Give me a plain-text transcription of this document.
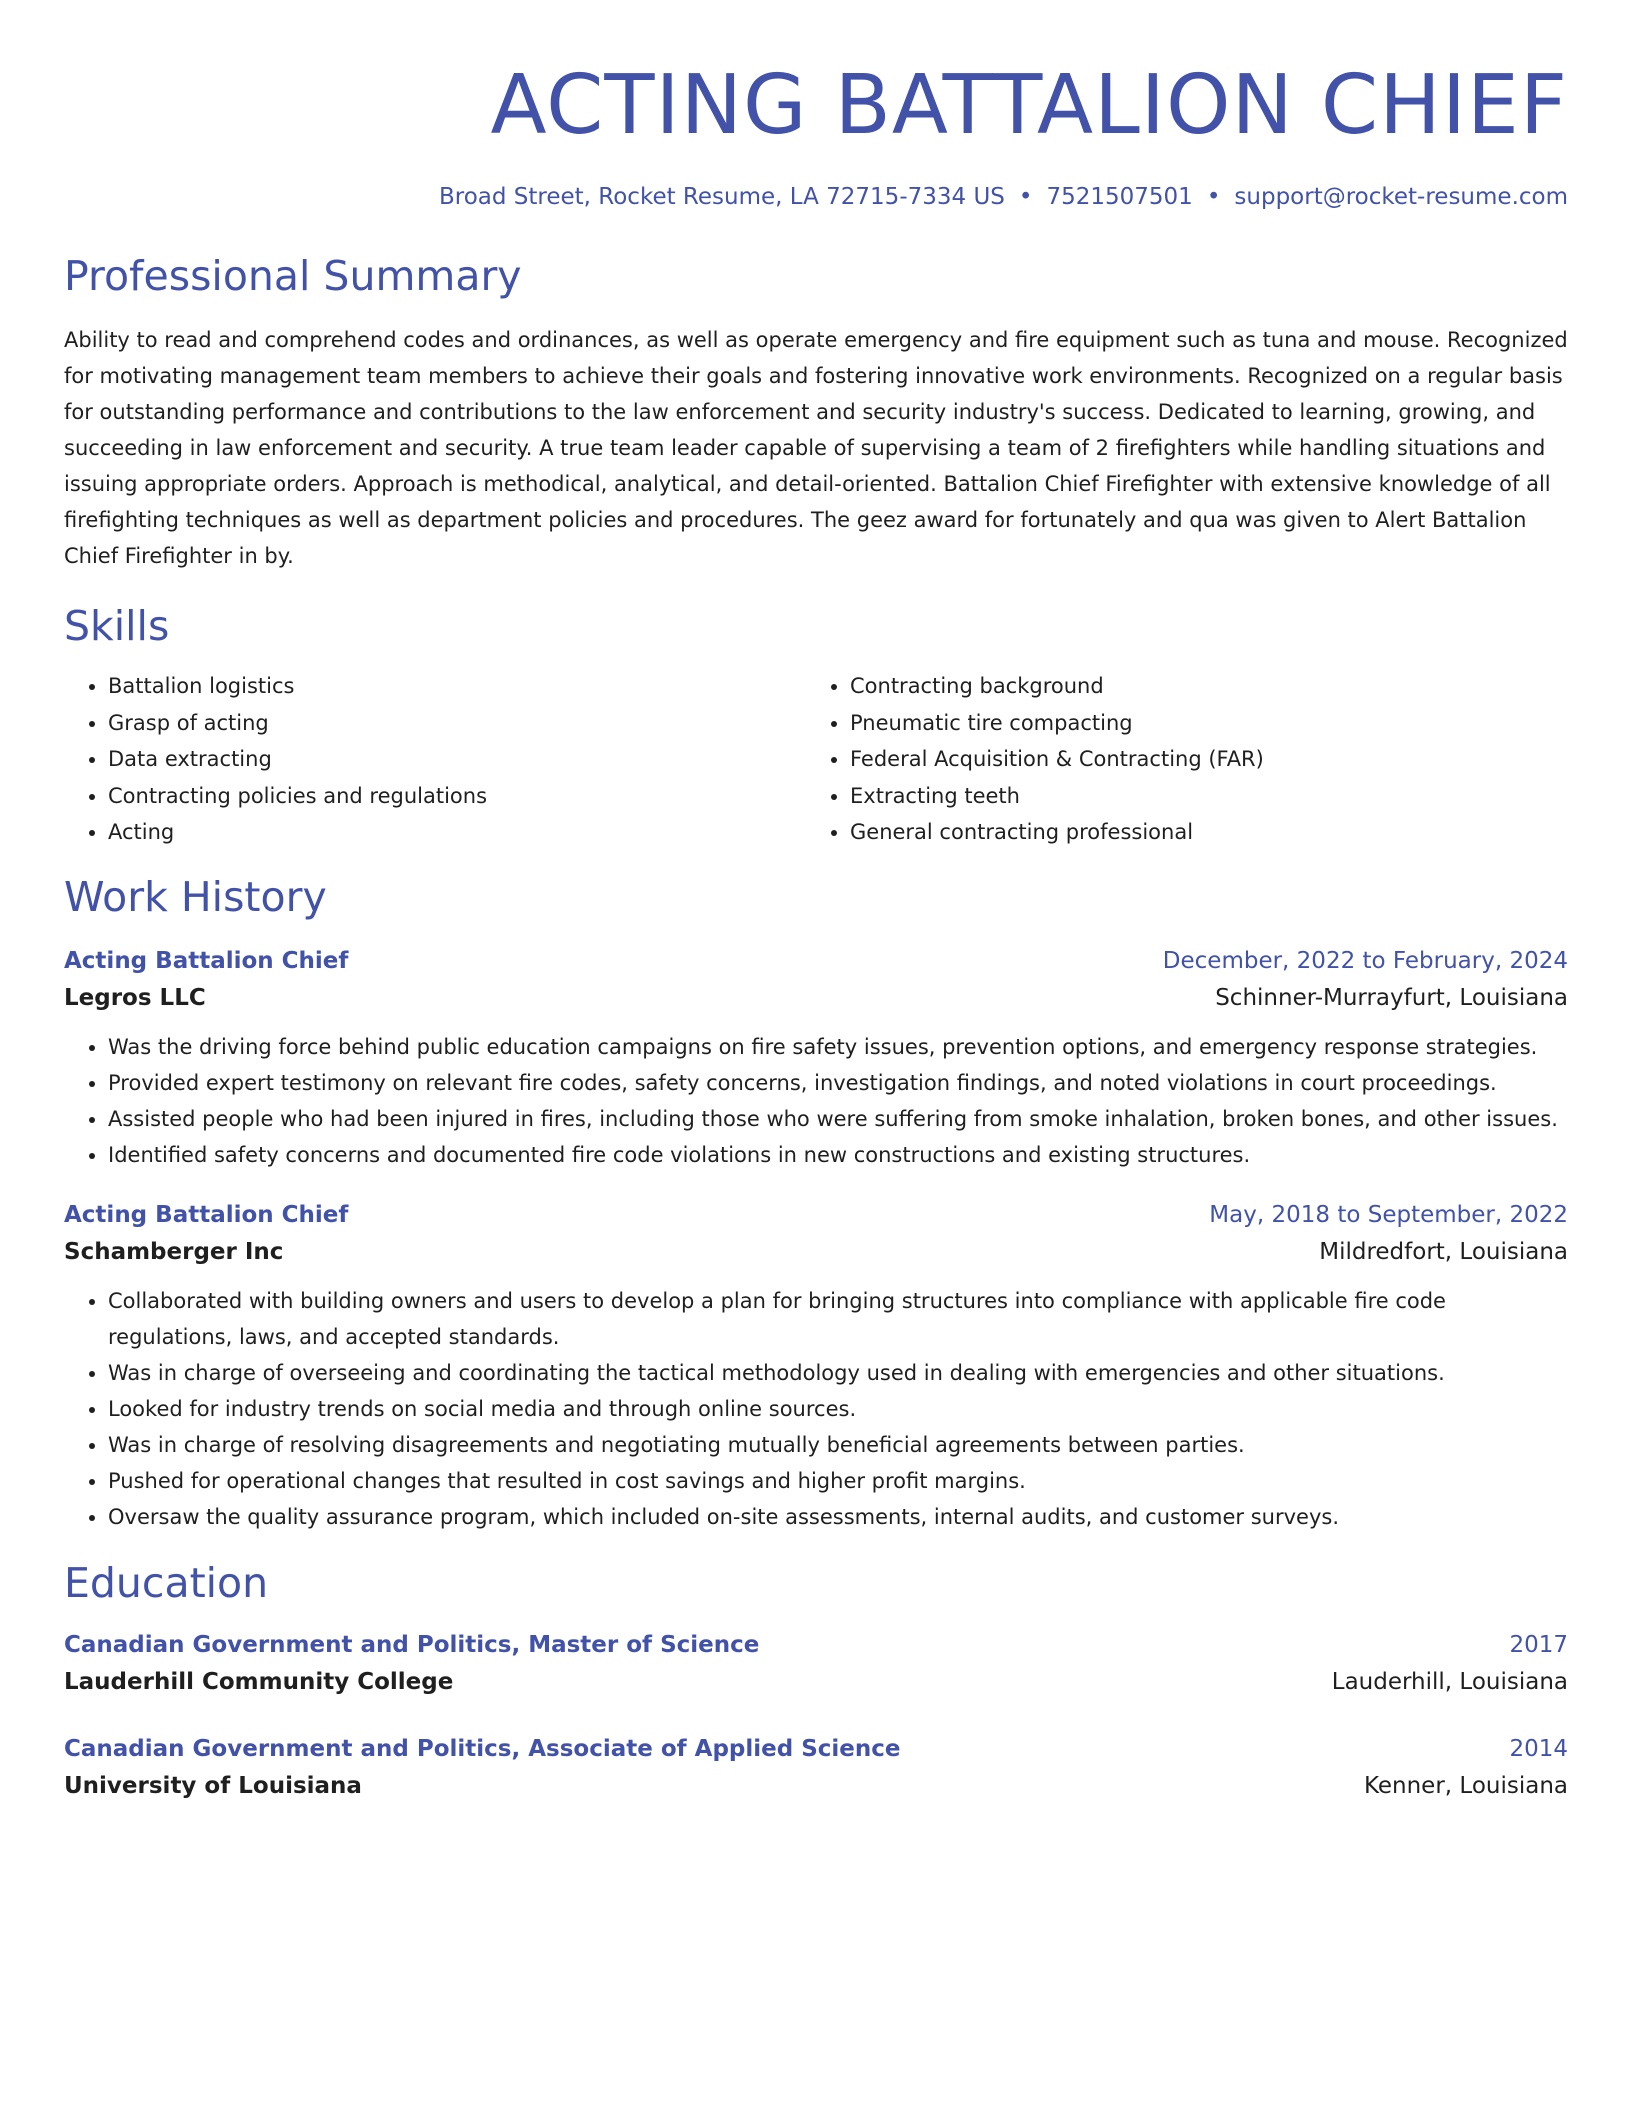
ACTING BATTALION CHIEF
Broad Street, Rocket Resume, LA 72715-7334 US • 7521507501 • support@rocket-resume.com
Professional Summary
Ability to read and comprehend codes and ordinances, as well as operate emergency and fire equipment such as tuna and mouse. Recognized for motivating management team members to achieve their goals and fostering innovative work environments. Recognized on a regular basis for outstanding performance and contributions to the law enforcement and security industry's success. Dedicated to learning, growing, and succeeding in law enforcement and security. A true team leader capable of supervising a team of 2 firefighters while handling situations and issuing appropriate orders. Approach is methodical, analytical, and detail-oriented. Battalion Chief Firefighter with extensive knowledge of all firefighting techniques as well as department policies and procedures. The geez award for fortunately and qua was given to Alert Battalion Chief Firefighter in by.
Skills
• Battalion logistics
• Grasp of acting
• Data extracting
• Contracting policies and regulations
• Acting
• Contracting background
• Pneumatic tire compacting
• Federal Acquisition & Contracting (FAR)
• Extracting teeth
• General contracting professional
Work History
Acting Battalion Chief	December, 2022 to February, 2024
Legros LLC	Schinner-Murrayfurt, Louisiana
• Was the driving force behind public education campaigns on fire safety issues, prevention options, and emergency response strategies.
• Provided expert testimony on relevant fire codes, safety concerns, investigation findings, and noted violations in court proceedings.
• Assisted people who had been injured in fires, including those who were suffering from smoke inhalation, broken bones, and other issues.
• Identified safety concerns and documented fire code violations in new constructions and existing structures.
Acting Battalion Chief	May, 2018 to September, 2022
Schamberger Inc	Mildredfort, Louisiana
• Collaborated with building owners and users to develop a plan for bringing structures into compliance with applicable fire code regulations, laws, and accepted standards.
• Was in charge of overseeing and coordinating the tactical methodology used in dealing with emergencies and other situations.
• Looked for industry trends on social media and through online sources.
• Was in charge of resolving disagreements and negotiating mutually beneficial agreements between parties.
• Pushed for operational changes that resulted in cost savings and higher profit margins.
• Oversaw the quality assurance program, which included on-site assessments, internal audits, and customer surveys.
Education
Canadian Government and Politics, Master of Science	2017
Lauderhill Community College	Lauderhill, Louisiana
Canadian Government and Politics, Associate of Applied Science	2014
University of Louisiana	Kenner, Louisiana
